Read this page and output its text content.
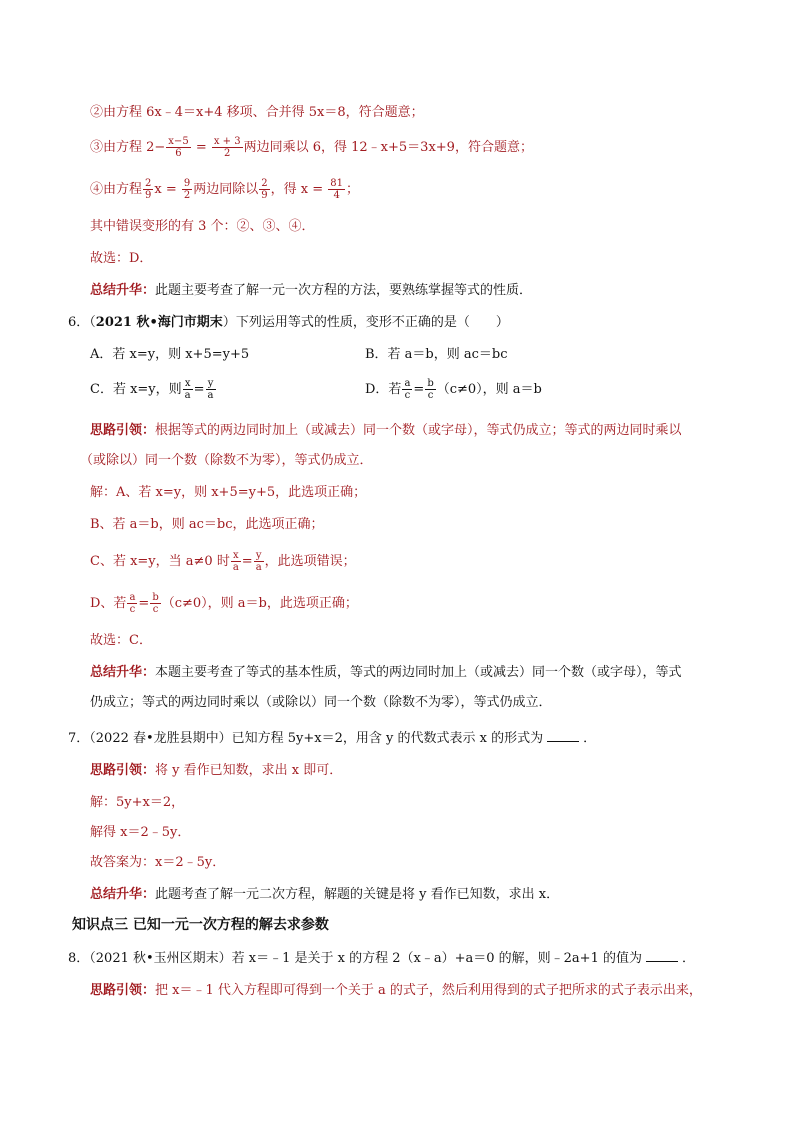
②由方程 6x﹣4＝x+4 移项、合并得 5x＝8，符合题意；
③由方程 $2- \frac{x-5}{6} = \frac{x + 3}{2}$ 两边同乘以 6，得 12﹣x+5＝3x+9，符合题意；
④由方程 $\frac{2}{9}$ $x = \frac{9}{2}$ 两边同除以 $\frac{2}{9}$ ，得 $x = \frac{81}{4}$ ；
其中错误变形的有 3 个：②、③、④．
故选：D．
总结升华：此题主要考查了解一元一次方程的方法，要熟练掌握等式的性质．
6．（2021 秋•海门市期末）下列运用等式的性质，变形不正确的是（　　）
A．若 x=y，则 x+5=y+5	B．若 a＝b，则 ac＝bc
C．若 x=y，则 $\frac{x}{a} = \frac{y}{a}$	D．若 $\frac{a}{c} = \frac{b}{c} (c\ne 0)$，则 a＝b
思路引领：根据等式的两边同时加上（或减去）同一个数（或字母），等式仍成立；等式的两边同时乘以
（或除以）同一个数（除数不为零），等式仍成立．
解：A、若 x=y，则 x+5=y+5，此选项正确；
B、若 a＝b，则 ac＝bc，此选项正确；
C、若 x=y，当 a≠0 时 $\frac{x}{a} = \frac{y}{a}$ ，此选项错误；
D、若 $\frac{a}{c} = \frac{b}{c} (c\ne 0)$，则 a＝b，此选项正确；
故选：C．
总结升华：本题主要考查了等式的基本性质，等式的两边同时加上（或减去）同一个数（或字母），等式
仍成立；等式的两边同时乘以（或除以）同一个数（除数不为零），等式仍成立．
7．（2022 春•龙胜县期中）已知方程 5y+x＝2，用含 y 的代数式表示 x 的形式为	．
思路引领：将 y 看作已知数，求出 x 即可．
解：5y+x＝2，
解得 x＝2﹣5y．
故答案为：x＝2﹣5y．
总结升华：此题考查了解一元二次方程，解题的关键是将 y 看作已知数，求出 x．
知识点三 已知一元一次方程的解去求参数
8．（2021 秋•玉州区期末）若 x＝﹣1 是关于 x 的方程 2（x﹣a）+a＝0 的解，则﹣2a+1 的值为	．
思路引领：把 x＝﹣1 代入方程即可得到一个关于 a 的式子，然后利用得到的式子把所求的式子表示出来，
